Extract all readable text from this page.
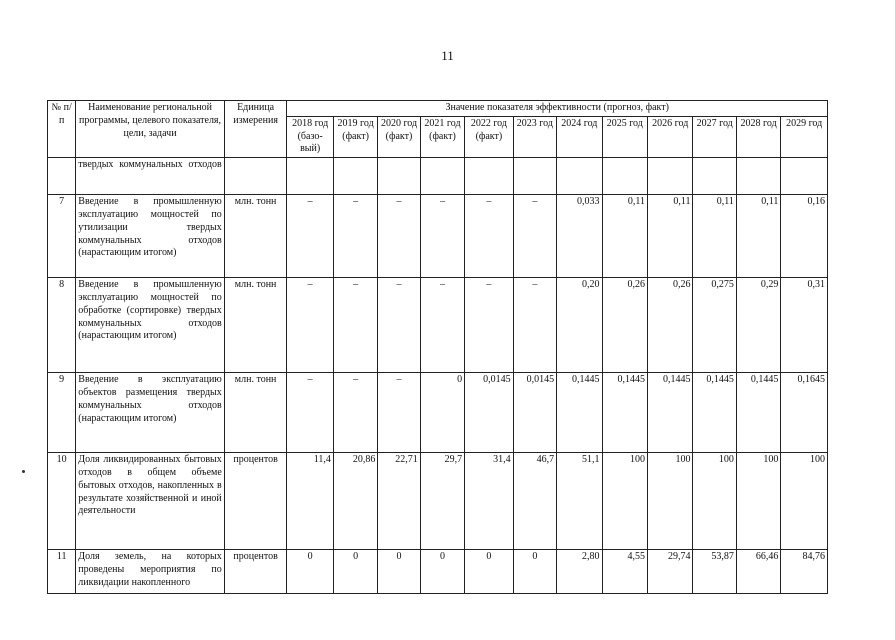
11
№ п/п	Наименование региональной программы, целевого показателя, цели, задачи	Единица измерения	Значение показателя эффективности (прогноз, факт)											
			2018 год (базо-вый)	2019 год (факт)	2020 год (факт)	2021 год (факт)	2022 год (факт)	2023 год	2024 год	2025 год	2026 год	2027 год	2028 год	2029 год

	твердых коммунальных отходов													

7	Введение в промышленную эксплуатацию мощностей по утилизации твердых коммунальных отходов (нарастающим итогом)	млн. тонн	–	–	–	–	–	–	0,033	0,11	0,11	0,11	0,11	0,16
8	Введение в промышленную эксплуатацию мощностей по обработке (сортировке) твердых коммунальных отходов (нарастающим итогом)	млн. тонн	–	–	–	–	–	–	0,20	0,26	0,26	0,275	0,29	0,31
9	Введение в эксплуатацию объектов размещения твердых коммунальных отходов (нарастающим итогом)	млн. тонн	–	–	–	0	0,0145	0,0145	0,1445	0,1445	0,1445	0,1445	0,1445	0,1645
10	Доля ликвидированных бытовых отходов в общем объеме бытовых отходов, накопленных в результате хозяйственной и иной деятельности	процентов	11,4	20,86	22,71	29,7	31,4	46,7	51,1	100	100	100	100	100
11	Доля земель, на которых проведены мероприятия по ликвидации накопленного	процентов	0	0	0	0	0	0	2,80	4,55	29,74	53,87	66,46	84,76
